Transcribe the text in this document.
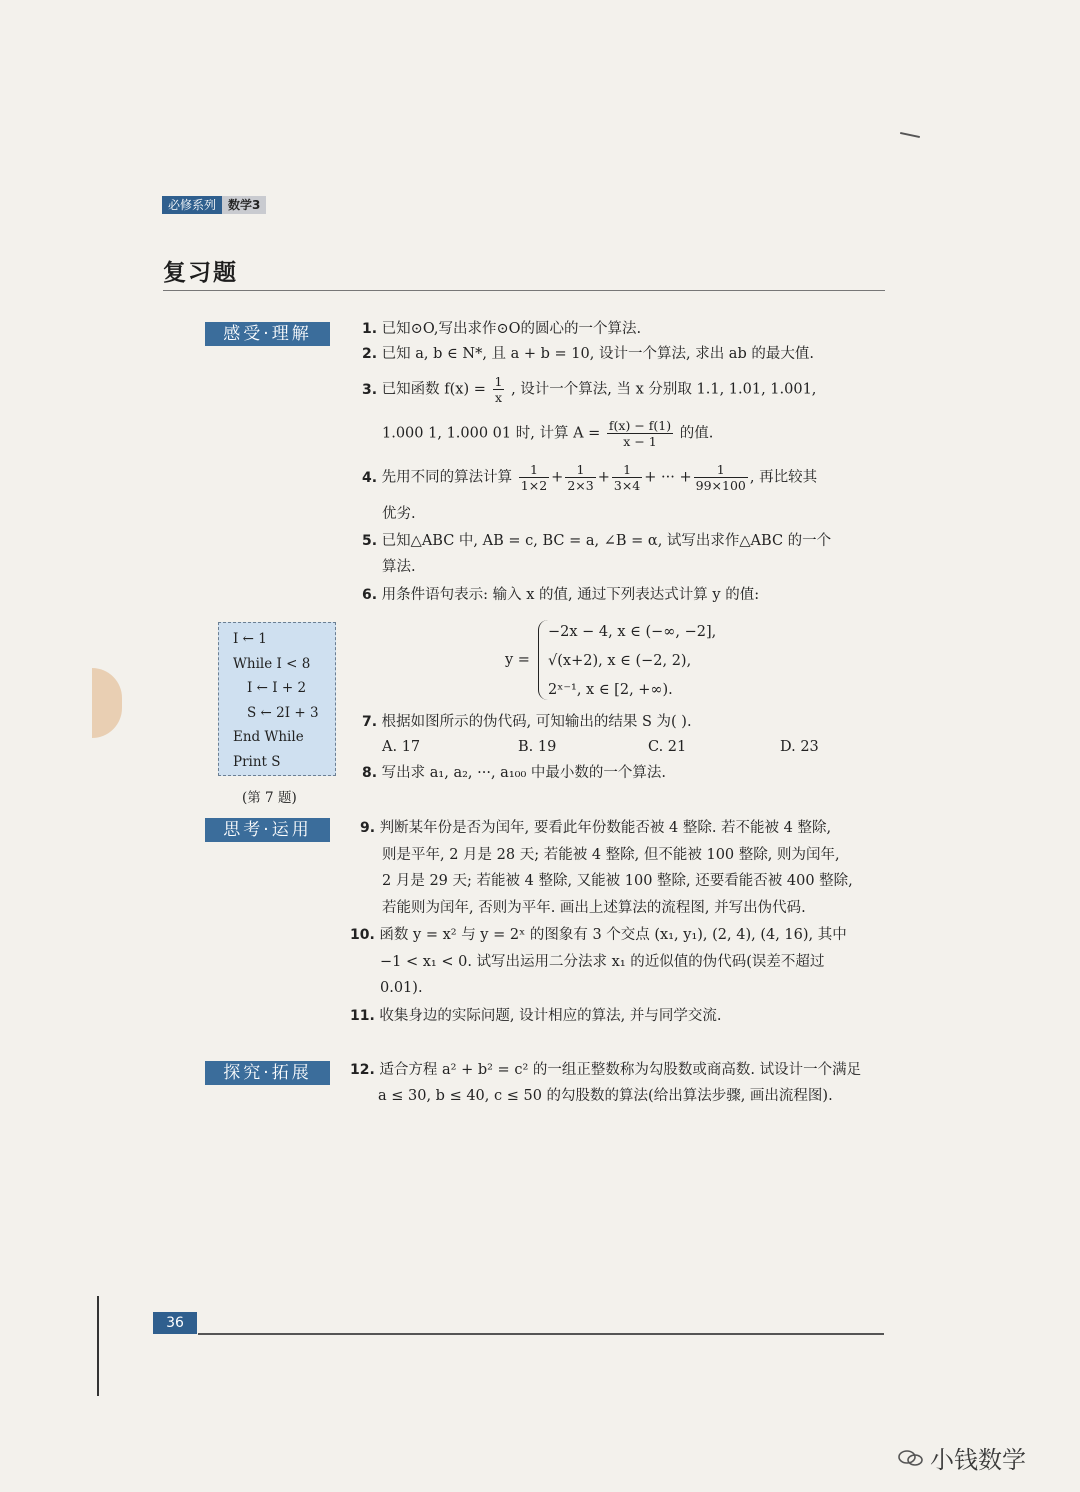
必修系列	数学3
复习题
感受·理解	1. 已知⊙O,写出求作⊙O的圆心的一个算法.
2. 已知 a, b ∈ N*, 且 a + b = 10, 设计一个算法, 求出 ab 的最大值.
3. 已知函数 $f(x) = \frac{1}{x}$ , 设计一个算法, 当 x 分别取 1.1, 1.01, 1.001,
1.000 1, 1.000 01 时, 计算 $A = \frac{f(x) - f(1)}{x - 1}$ 的值.
4. 先用不同的算法计算 $\frac{1}{1\times 2} + \frac{1}{2\times 3} + \frac{1}{3\times 4}$ + ··· + $\frac{1}{99\times 100}$ , 再比较其
优劣.
5. 已知△ABC 中, AB = c, BC = a, ∠B = α, 试写出求作△ABC 的一个
算法.
6. 用条件语句表示: 输入 x 的值, 通过下列表达式计算 y 的值:
y =
−2x − 4, x ∈ (−∞, −2],
√(x+2), x ∈ (−2, 2),
2ˣ⁻¹, x ∈ [2, +∞).
I ← 1
While I < 8
I ← I + 2
S ← 2I + 3
End While
Print S
(第 7 题)
7. 根据如图所示的伪代码, 可知输出的结果 S 为( ).
A. 17	B. 19	C. 21	D. 23
8. 写出求 a₁, a₂, ···, a₁₀₀ 中最小数的一个算法.
思考·运用	9. 判断某年份是否为闰年, 要看此年份数能否被 4 整除. 若不能被 4 整除,
则是平年, 2 月是 28 天; 若能被 4 整除, 但不能被 100 整除, 则为闰年,
2 月是 29 天; 若能被 4 整除, 又能被 100 整除, 还要看能否被 400 整除,
若能则为闰年, 否则为平年. 画出上述算法的流程图, 并写出伪代码.
10. 函数 y = x² 与 y = 2ˣ 的图象有 3 个交点 (x₁, y₁), (2, 4), (4, 16), 其中
−1 < x₁ < 0. 试写出运用二分法求 x₁ 的近似值的伪代码(误差不超过
0.01).
11. 收集身边的实际问题, 设计相应的算法, 并与同学交流.
探究·拓展	12. 适合方程 a² + b² = c² 的一组正整数称为勾股数或商高数. 试设计一个满足
a ≤ 30, b ≤ 40, c ≤ 50 的勾股数的算法(给出算法步骤, 画出流程图).
36
小钱数学
